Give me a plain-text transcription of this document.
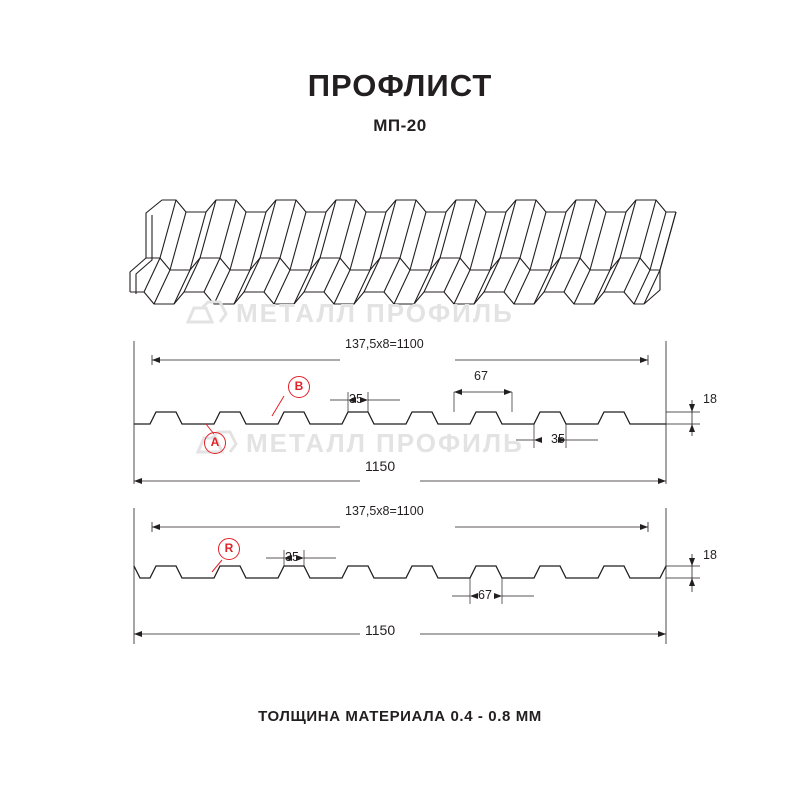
ПРОФЛИСТ
МП-20
МЕТАЛЛ ПРОФИЛЬ
МЕТАЛЛ ПРОФИЛЬ
137,5х8=1100
1150
35
67
35
18
A
B
137,5х8=1100
1150
35
67
18
R
ТОЛЩИНА МАТЕРИАЛА 0.4 - 0.8 ММ
